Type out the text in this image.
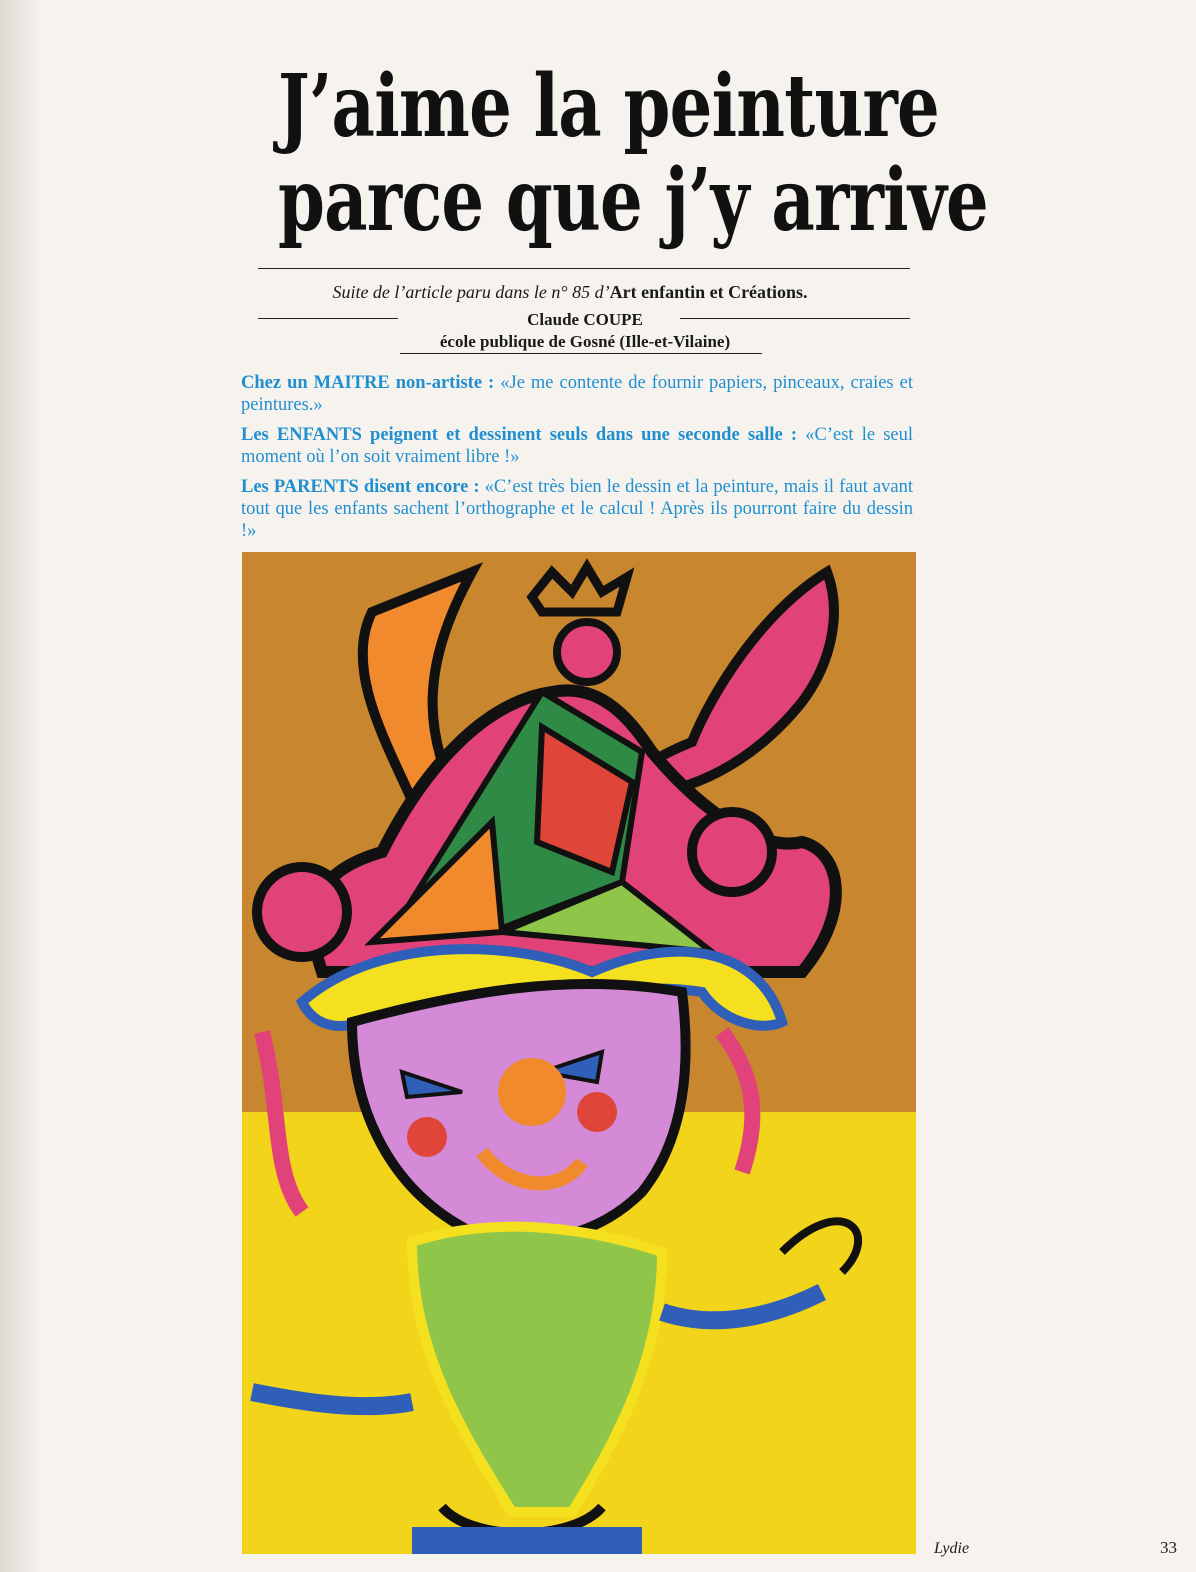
J’aime la peinture
parce que j’y arrive
Suite de l’article paru dans le n° 85 d’Art enfantin et Créations.
Claude COUPE
école publique de Gosné (Ille-et-Vilaine)

Chez un MAITRE non-artiste : «Je me contente de fournir papiers, pinceaux, craies et peintures.»

Les ENFANTS peignent et dessinent seuls dans une seconde salle : «C’est le seul moment où l’on soit vraiment libre !»

Les PARENTS disent encore : «C’est très bien le dessin et la peinture, mais il faut avant tout que les enfants sachent l’orthographe et le calcul ! Après ils pourront faire du dessin !»

Lydie	33
